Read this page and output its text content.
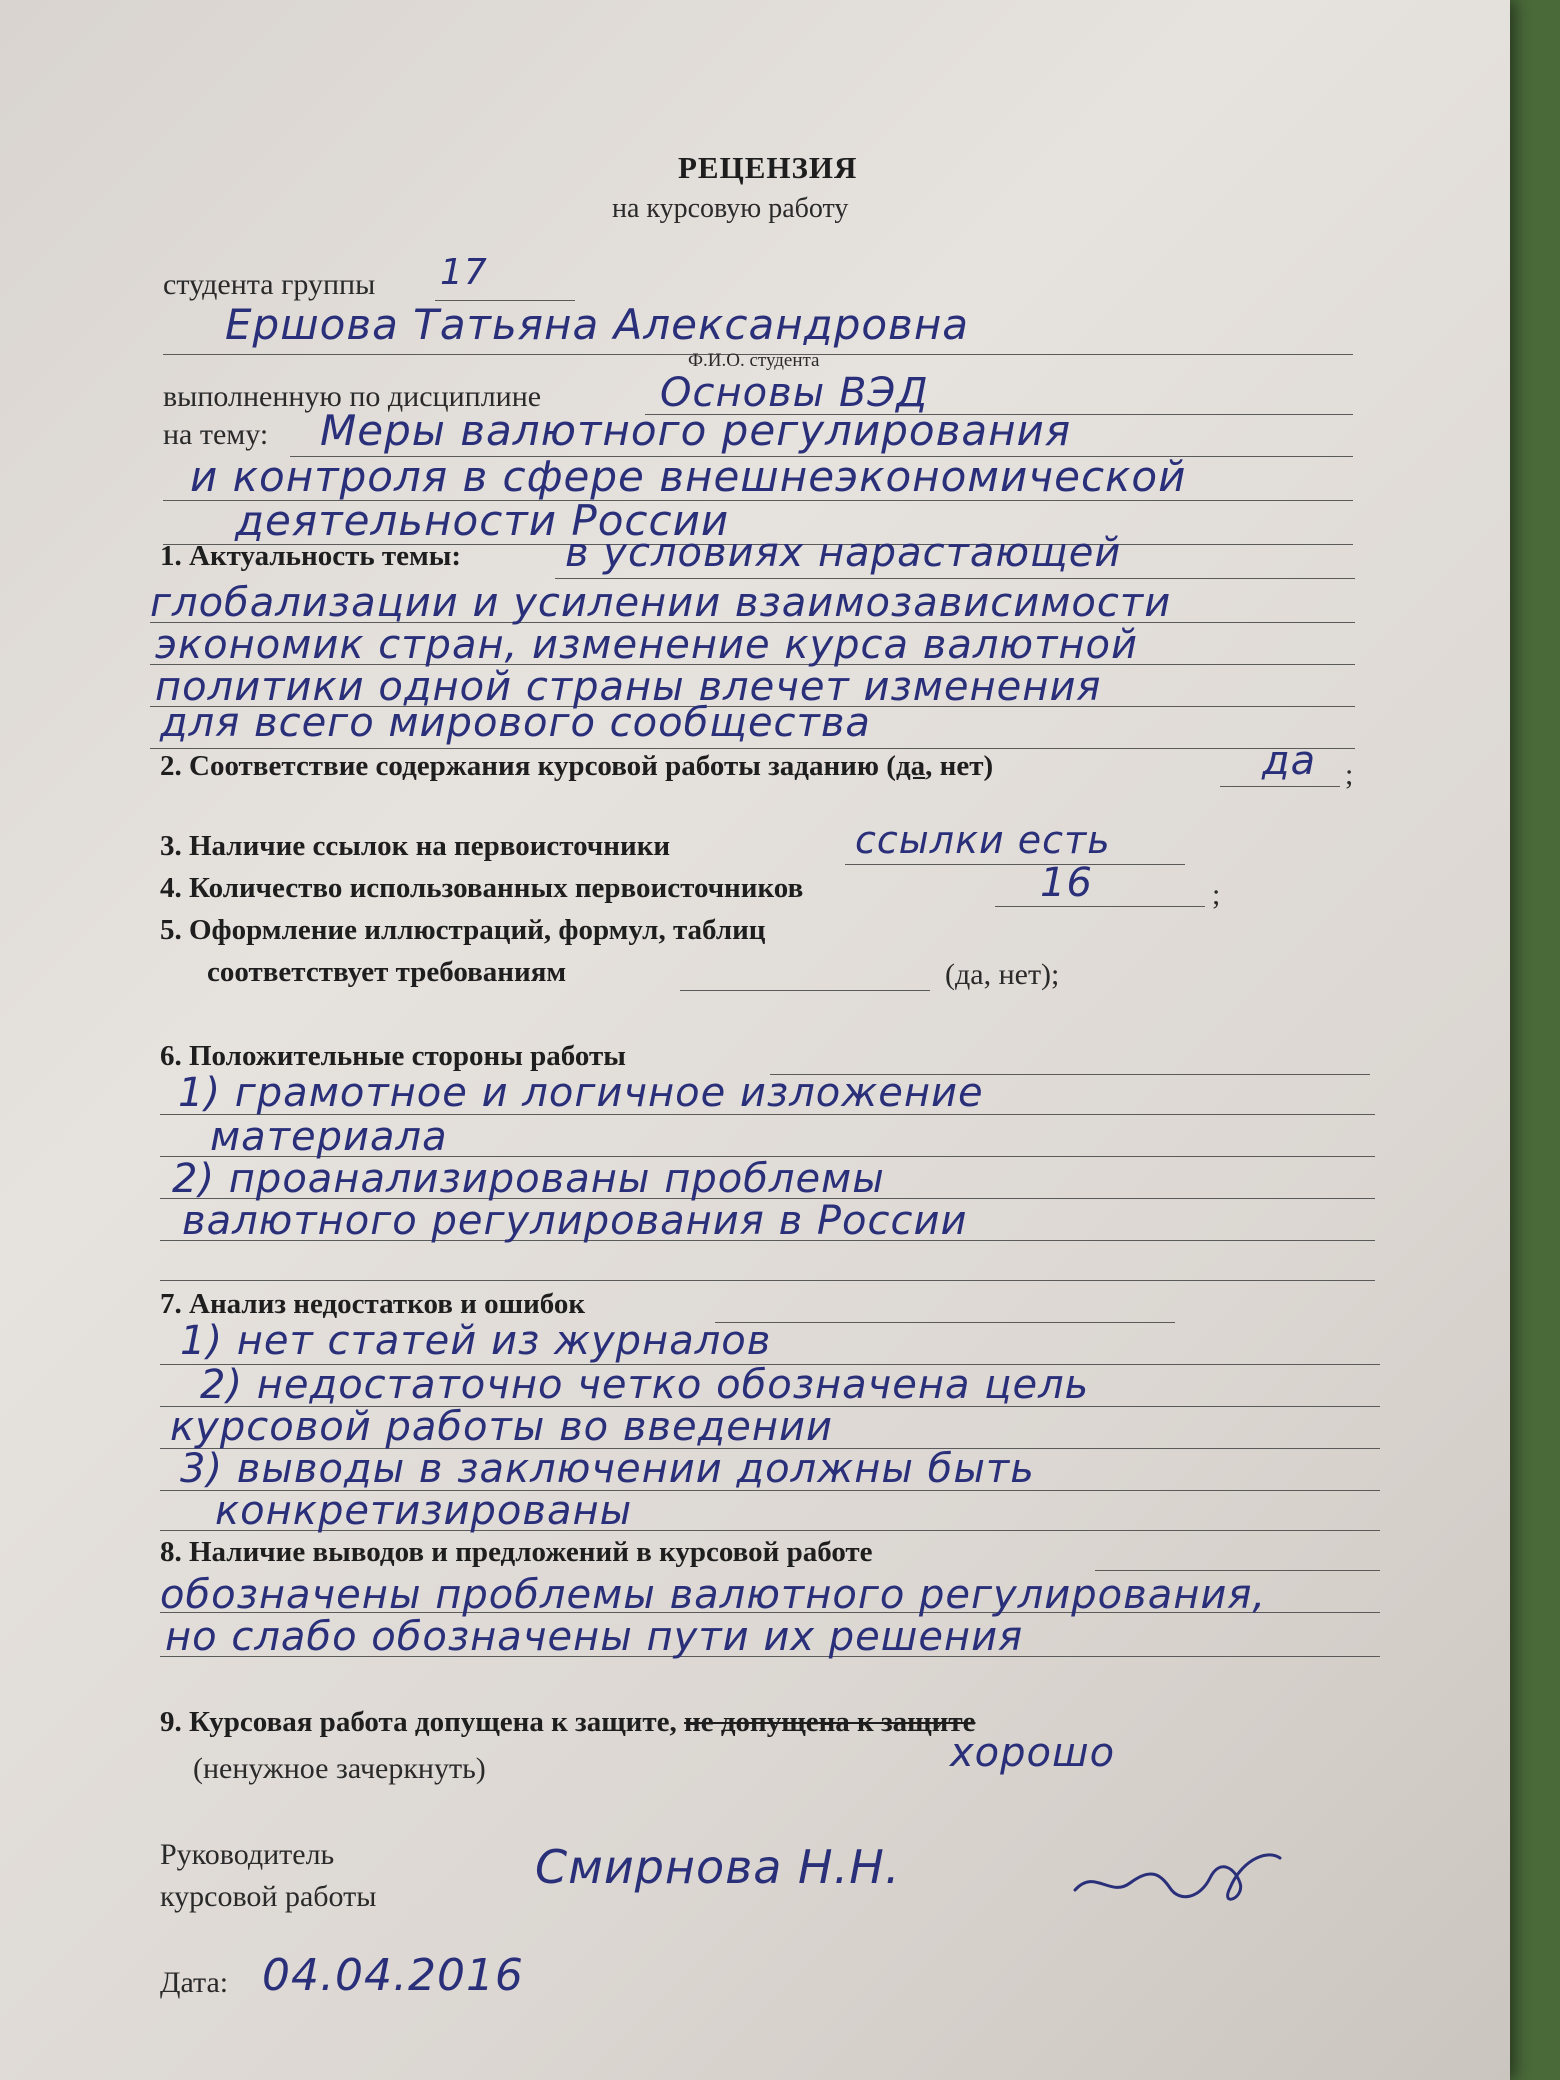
РЕЦЕНЗИЯ
на курсовую работу
студента группы 17
Ершова Татьяна Александровна
Ф.И.О. студента
выполненную по дисциплине	Основы ВЭД
на тему: Меры валютного регулирования
и контроля в сфере внешнеэкономической
деятельности России
1. Актуальность темы:	в условиях нарастающей
глобализации и усилении взаимозависимости
экономик стран, изменение курса валютной
политики одной страны влечет изменения
для всего мирового сообщества
2. Соответствие содержания курсовой работы заданию (да, нет)	да ;
3. Наличие ссылок на первоисточники	ссылки есть
4. Количество использованных первоисточников	16	;
5. Оформление иллюстраций, формул, таблиц
соответствует требованиям	(да, нет);
6. Положительные стороны работы
1) грамотное и логичное изложение
материала
2) проанализированы проблемы
валютного регулирования в России
7. Анализ недостатков и ошибок
1) нет статей из журналов
2) недостаточно четко обозначена цель
курсовой работы во введении
3) выводы в заключении должны быть
конкретизированы
8. Наличие выводов и предложений в курсовой работе
обозначены проблемы валютного регулирования,
но слабо обозначены пути их решения
9. Курсовая работа допущена к защите, не допущена к защите
(ненужное зачеркнуть)	хорошо
Руководитель
курсовой работы
Смирнова Н.Н.
Дата: 04.04.2016
